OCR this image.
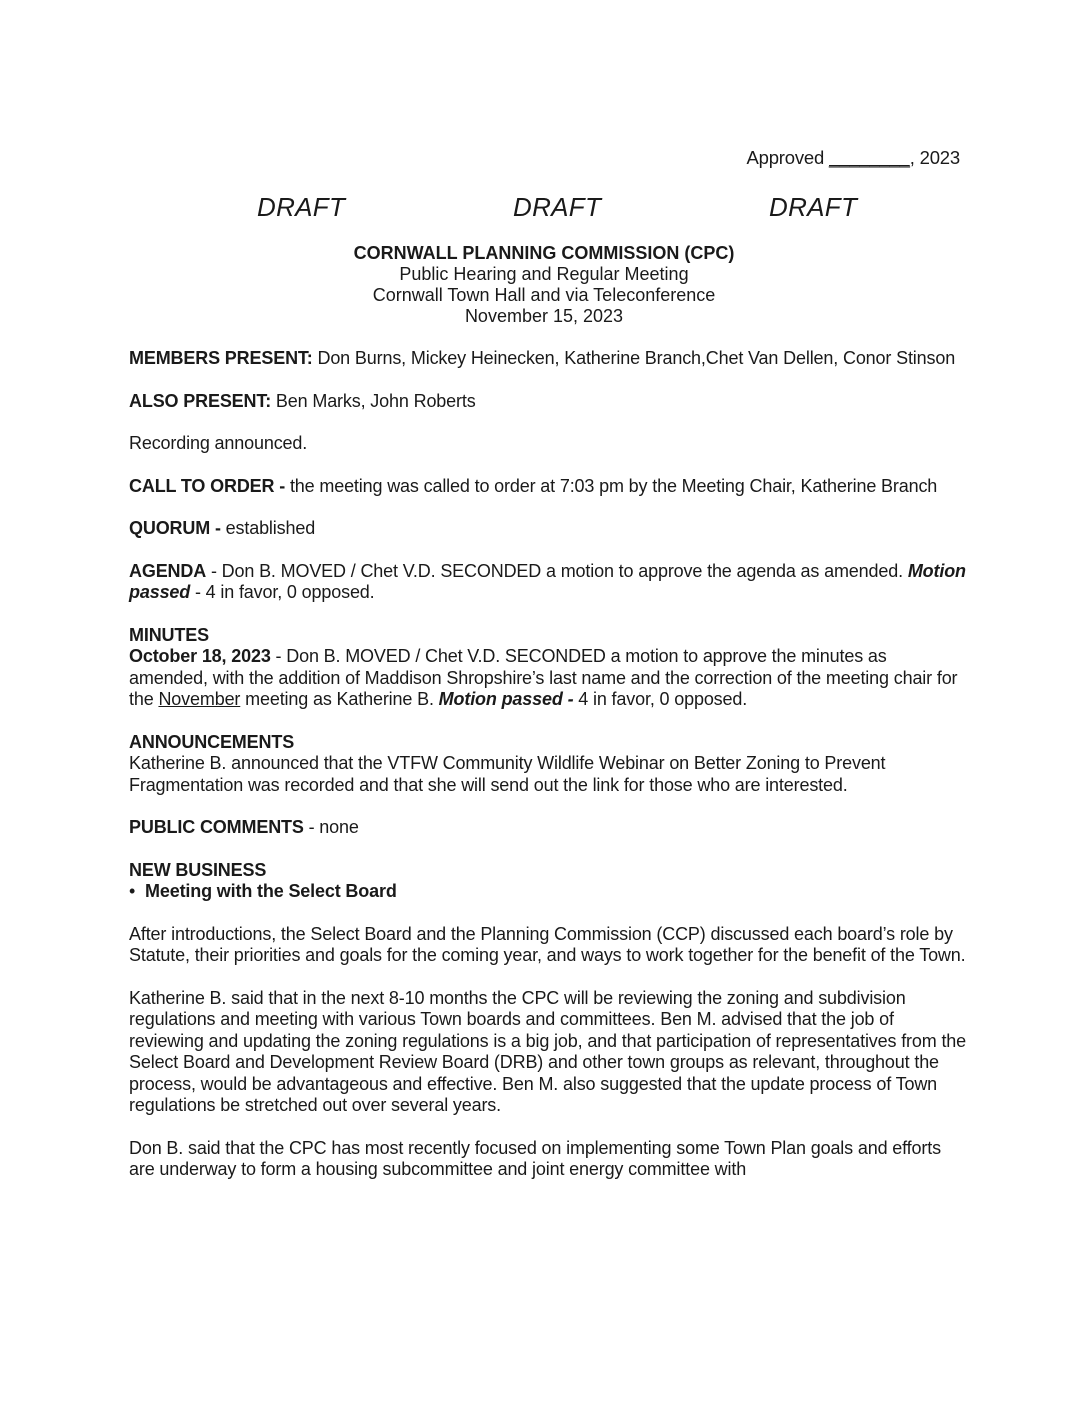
Approved ________, 2023
DRAFT	DRAFT	DRAFT
CORNWALL PLANNING COMMISSION (CPC)
Public Hearing and Regular Meeting
Cornwall Town Hall and via Teleconference
November 15, 2023

MEMBERS PRESENT: Don Burns, Mickey Heinecken, Katherine Branch,Chet Van Dellen, Conor Stinson

ALSO PRESENT: Ben Marks, John Roberts

Recording announced.

CALL TO ORDER - the meeting was called to order at 7:03 pm by the Meeting Chair, Katherine Branch

QUORUM - established

AGENDA - Don B. MOVED / Chet V.D. SECONDED a motion to approve the agenda as amended. Motion passed - 4 in favor, 0 opposed.

MINUTES

October 18, 2023 - Don B. MOVED / Chet V.D. SECONDED a motion to approve the minutes as amended, with the addition of Maddison Shropshire’s last name and the correction of the meeting chair for the November meeting as Katherine B. Motion passed - 4 in favor, 0 opposed.

ANNOUNCEMENTS

Katherine B. announced that the VTFW Community Wildlife Webinar on Better Zoning to Prevent Fragmentation was recorded and that she will send out the link for those who are interested.

PUBLIC COMMENTS - none

NEW BUSINESS

• Meeting with the Select Board

After introductions, the Select Board and the Planning Commission (CCP) discussed each board’s role by Statute, their priorities and goals for the coming year, and ways to work together for the benefit of the Town.

Katherine B. said that in the next 8-10 months the CPC will be reviewing the zoning and subdivision regulations and meeting with various Town boards and committees. Ben M. advised that the job of reviewing and updating the zoning regulations is a big job, and that participation of representatives from the Select Board and Development Review Board (DRB) and other town groups as relevant, throughout the process, would be advantageous and effective. Ben M. also suggested that the update process of Town regulations be stretched out over several years.

Don B. said that the CPC has most recently focused on implementing some Town Plan goals and efforts are underway to form a housing subcommittee and joint energy committee with
